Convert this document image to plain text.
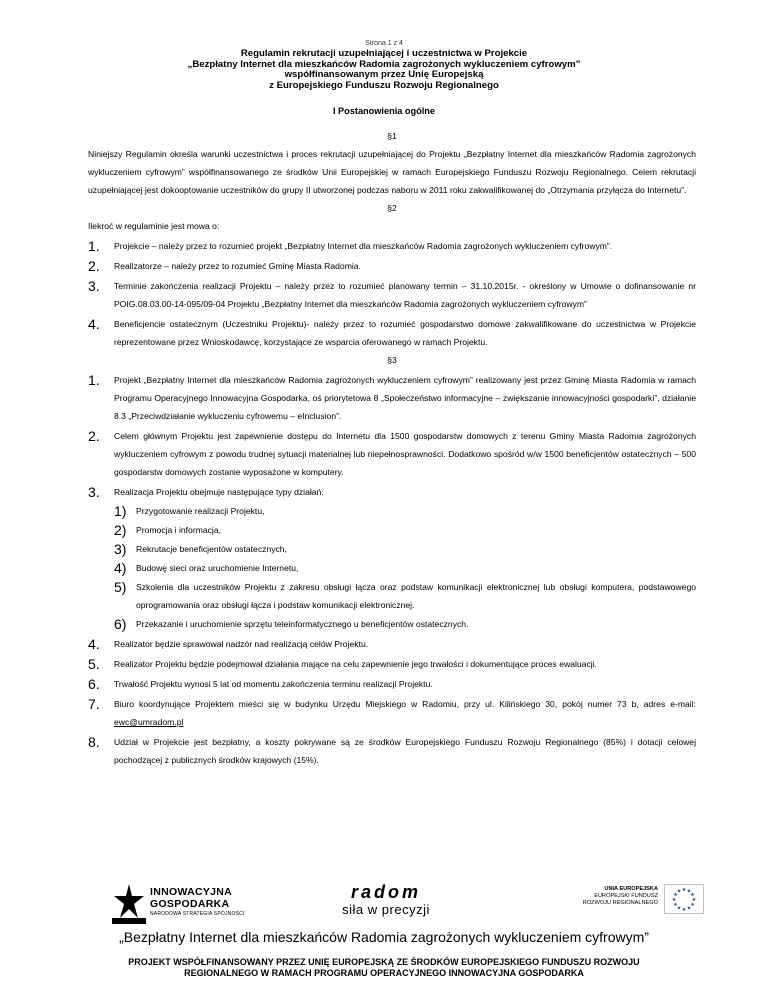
Strona 1 z 4
Regulamin rekrutacji uzupełniającej i uczestnictwa w Projekcie
„Bezpłatny Internet dla mieszkańców Radomia zagrożonych wykluczeniem cyfrowym”
współfinansowanym przez Unię Europejską
z Europejskiego Funduszu Rozwoju Regionalnego
I Postanowienia ogólne
§1

Niniejszy Regulamin określa warunki uczestnictwa i proces rekrutacji uzupełniającej do Projektu „Bezpłatny Internet dla mieszkańców Radomia zagrożonych wykluczeniem cyfrowym” współfinansowanego ze środków Unii Europejskiej w ramach Europejskiego Funduszu Rozwoju Regionalnego. Celem rekrutacji uzupełniającej jest dokooptowanie uczestników do grupy II utworzonej podczas naboru w 2011 roku zakwalifikowanej do „Otrzymania przyłącza do Internetu”.

§2

Ilekroć w regulaminie jest mowa o:

1.	Projekcie – należy przez to rozumieć projekt „Bezpłatny Internet dla mieszkańców Radomia zagrożonych wykluczeniem cyfrowym”.
2.	Realizatorze – należy przez to rozumieć Gminę Miasta Radomia.
3.	Terminie zakończenia realizacji Projektu – należy przez to rozumieć planowany termin – 31.10.2015r. - określony w Umowie o dofinansowanie nr POIG.08.03.00-14-095/09-04 Projektu „Bezpłatny Internet dla mieszkańców Radomia zagrożonych wykluczeniem cyfrowym”
4.	Beneficjencie ostatecznym (Uczestniku Projektu)- należy przez to rozumieć gospodarstwo domowe zakwalifikowane do uczestnictwa w Projekcie reprezentowane przez Wnioskodawcę, korzystające ze wsparcia oferowanego w ramach Projektu.
§3
1.	Projekt „Bezpłatny Internet dla mieszkańców Radomia zagrożonych wykluczeniem cyfrowym” realizowany jest przez Gminę Miasta Radomia w ramach Programu Operacyjnego Innowacyjna Gospodarka, oś priorytetowa 8 „Społeczeństwo informacyjne – zwiększanie innowacyjności gospodarki”, działanie 8.3 „Przeciwdziałanie wykluczeniu cyfrowemu – eInclusion”.
2.	Celem głównym Projektu jest zapewnienie dostępu do Internetu dla 1500 gospodarstw domowych z terenu Gminy Miasta Radomia zagrożonych wykluczeniem cyfrowym z powodu trudnej sytuacji materialnej lub niepełnosprawności. Dodatkowo spośród w/w 1500 beneficjentów ostatecznych – 500 gospodarstw domowych zostanie wyposażone w komputery.
3.	Realizacja Projektu obejmuje następujące typy działań:
1)	Przygotowanie realizacji Projektu,
2)	Promocja i informacja,
3)	Rekrutacje beneficjentów ostatecznych,
4)	Budowę sieci oraz uruchomienie Internetu,
5)	Szkolenia dla uczestników Projektu z zakresu obsługi łącza oraz podstaw komunikacji elektronicznej lub obsługi komputera, podstawowego oprogramowania oraz obsługi łącza i podstaw komunikacji elektronicznej.
6)	Przekazanie i uruchomienie sprzętu teleinformatycznego u beneficjentów ostatecznych.
4.	Realizator będzie sprawował nadzór nad realizacją celów Projektu.
5.	Realizator Projektu będzie podejmował działania mające na celu zapewnienie jego trwałości i dokumentujące proces ewaluacji.
6.	Trwałość Projektu wynosi 5 lat od momentu zakończenia terminu realizacji Projektu.
7.	Biuro koordynujące Projektem mieści się w budynku Urzędu Miejskiego w Radomiu, przy ul. Kilińskiego 30, pokój numer 73 b, adres e-mail: ewc@umradom.pl
8.	Udział w Projekcie jest bezpłatny, a koszty pokrywane są ze środków Europejskiego Funduszu Rozwoju Regionalnego (85%) i dotacji celowej pochodzącej z publicznych środków krajowych (15%).
INNOWACYJNA
GOSPODARKA
NARODOWA STRATEGIA SPÓJNOŚCI
radom
siła w precyzji
UNIA EUROPEJSKA
EUROPEJSKI FUNDUSZ
ROZWOJU REGIONALNEGO
★ ★
★
★
★
★
★
★
★
★
★
★
„Bezpłatny Internet dla mieszkańców Radomia zagrożonych wykluczeniem cyfrowym”
PROJEKT WSPÓŁFINANSOWANY PRZEZ UNIĘ EUROPEJSKĄ ZE ŚRODKÓW EUROPEJSKIEGO FUNDUSZU ROZWOJU
REGIONALNEGO W RAMACH PROGRAMU OPERACYJNEGO INNOWACYJNA GOSPODARKA
